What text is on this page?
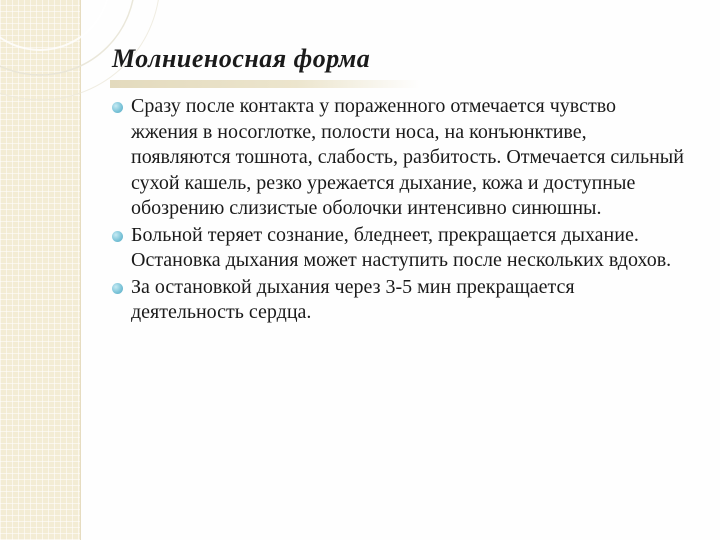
Молниеносная форма
Сразу после контакта у пораженного отмечается чувство жжения в носоглотке, полости носа, на конъюнктиве, появляются тошнота, слабость, разбитость. Отмечается сильный сухой кашель, резко урежается дыхание, кожа и доступные обозрению слизистые оболочки интенсивно синюшны.
Больной теряет сознание, бледнеет, прекращается дыхание. Остановка дыхания может наступить после нескольких вдохов.
За остановкой дыхания через 3-5 мин прекращается деятельность сердца.
